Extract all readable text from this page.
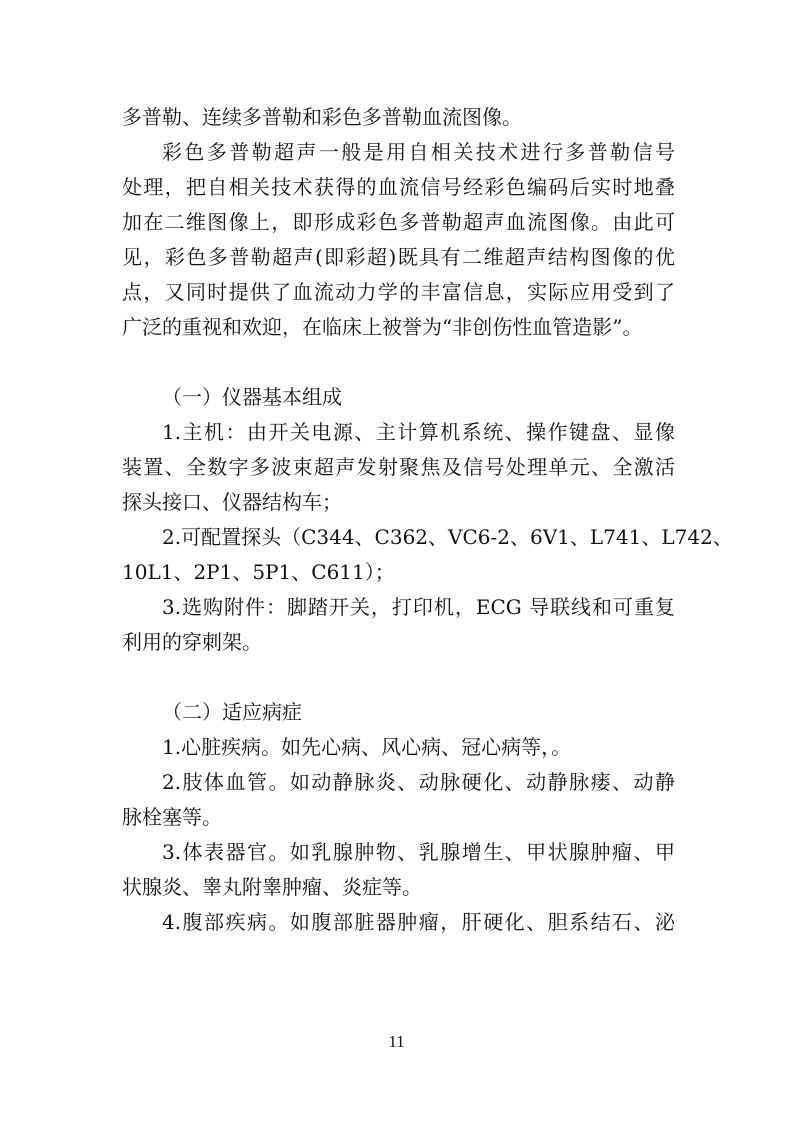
多普勒、连续多普勒和彩色多普勒血流图像。
彩色多普勒超声一般是用自相关技术进行多普勒信号
处理，把自相关技术获得的血流信号经彩色编码后实时地叠
加在二维图像上，即形成彩色多普勒超声血流图像。由此可
见，彩色多普勒超声(即彩超)既具有二维超声结构图像的优
点，又同时提供了血流动力学的丰富信息，实际应用受到了
广泛的重视和欢迎，在临床上被誉为“非创伤性血管造影”。
（一）仪器基本组成
1.主机：由开关电源、主计算机系统、操作键盘、显像
装置、全数字多波束超声发射聚焦及信号处理单元、全激活
探头接口、仪器结构车；
2.可配置探头（C344、C362、VC6-2、6V1、L741、L742、
10L1、2P1、5P1、C611）；
3.选购附件：脚踏开关，打印机，ECG 导联线和可重复
利用的穿刺架。
（二）适应病症
1.心脏疾病。如先心病、风心病、冠心病等，。
2.肢体血管。如动静脉炎、动脉硬化、动静脉瘘、动静
脉栓塞等。
3.体表器官。如乳腺肿物、乳腺增生、甲状腺肿瘤、甲
状腺炎、睾丸附睾肿瘤、炎症等。
4.腹部疾病。如腹部脏器肿瘤，肝硬化、胆系结石、泌
11
